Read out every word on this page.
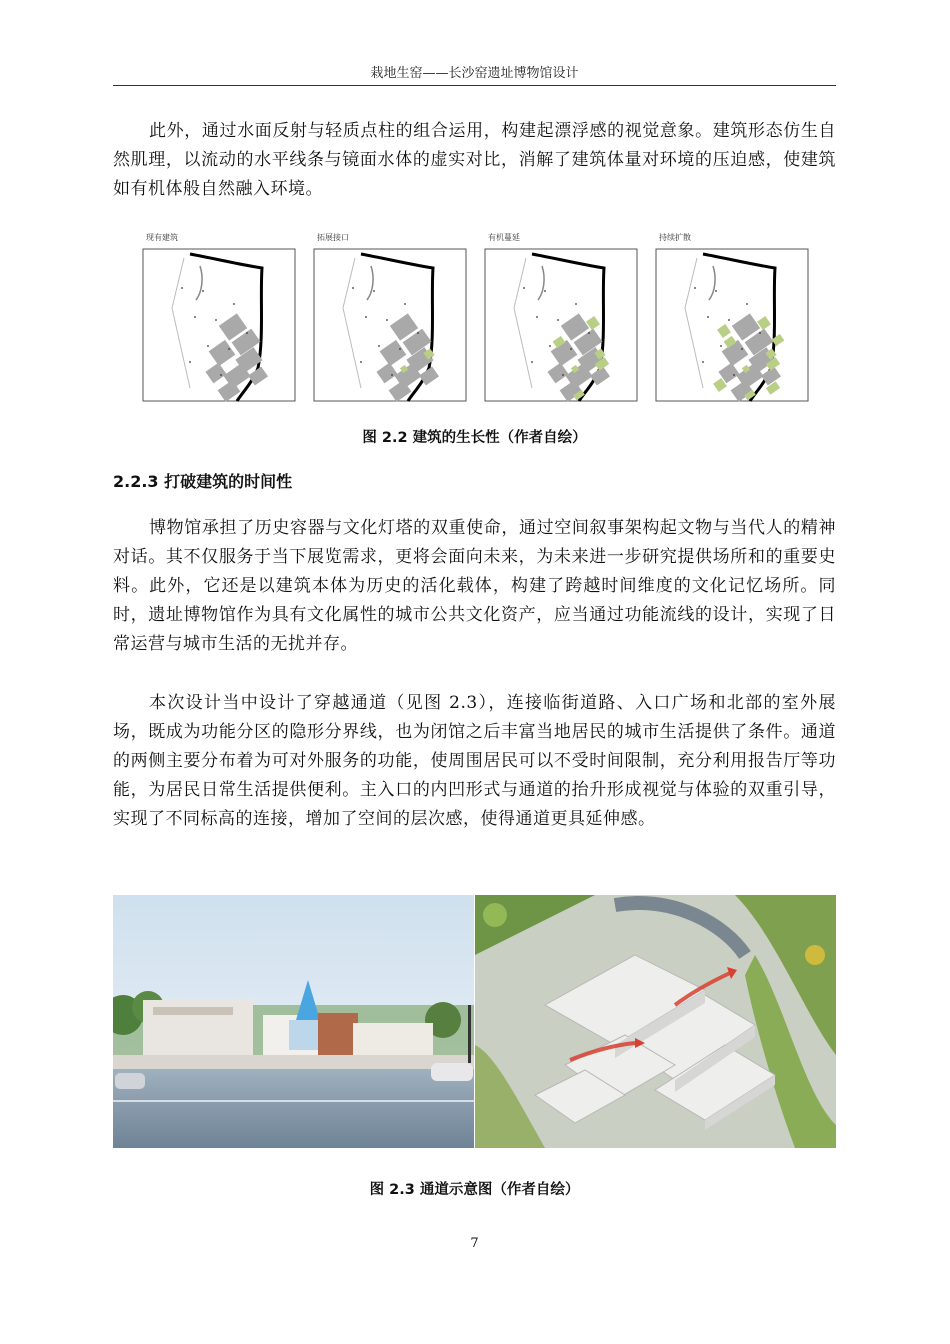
栽地生窑——长沙窑遗址博物馆设计

此外，通过水面反射与轻质点柱的组合运用，构建起漂浮感的视觉意象。建筑形态仿生自然肌理，以流动的水平线条与镜面水体的虚实对比，消解了建筑体量对环境的压迫感，使建筑如有机体般自然融入环境。

现有建筑	拓展接口	有机蔓延	持续扩散
图 2.2 建筑的生长性（作者自绘）
2.2.3 打破建筑的时间性

博物馆承担了历史容器与文化灯塔的双重使命，通过空间叙事架构起文物与当代人的精神对话。其不仅服务于当下展览需求，更将会面向未来，为未来进一步研究提供场所和的重要史料。此外，它还是以建筑本体为历史的活化载体，构建了跨越时间维度的文化记忆场所。同时，遗址博物馆作为具有文化属性的城市公共文化资产，应当通过功能流线的设计，实现了日常运营与城市生活的无扰并存。

本次设计当中设计了穿越通道（见图 2.3），连接临街道路、入口广场和北部的室外展场，既成为功能分区的隐形分界线，也为闭馆之后丰富当地居民的城市生活提供了条件。通道的两侧主要分布着为可对外服务的功能，使周围居民可以不受时间限制，充分利用报告厅等功能，为居民日常生活提供便利。主入口的内凹形式与通道的抬升形成视觉与体验的双重引导，实现了不同标高的连接，增加了空间的层次感，使得通道更具延伸感。

图 2.3 通道示意图（作者自绘）
7
